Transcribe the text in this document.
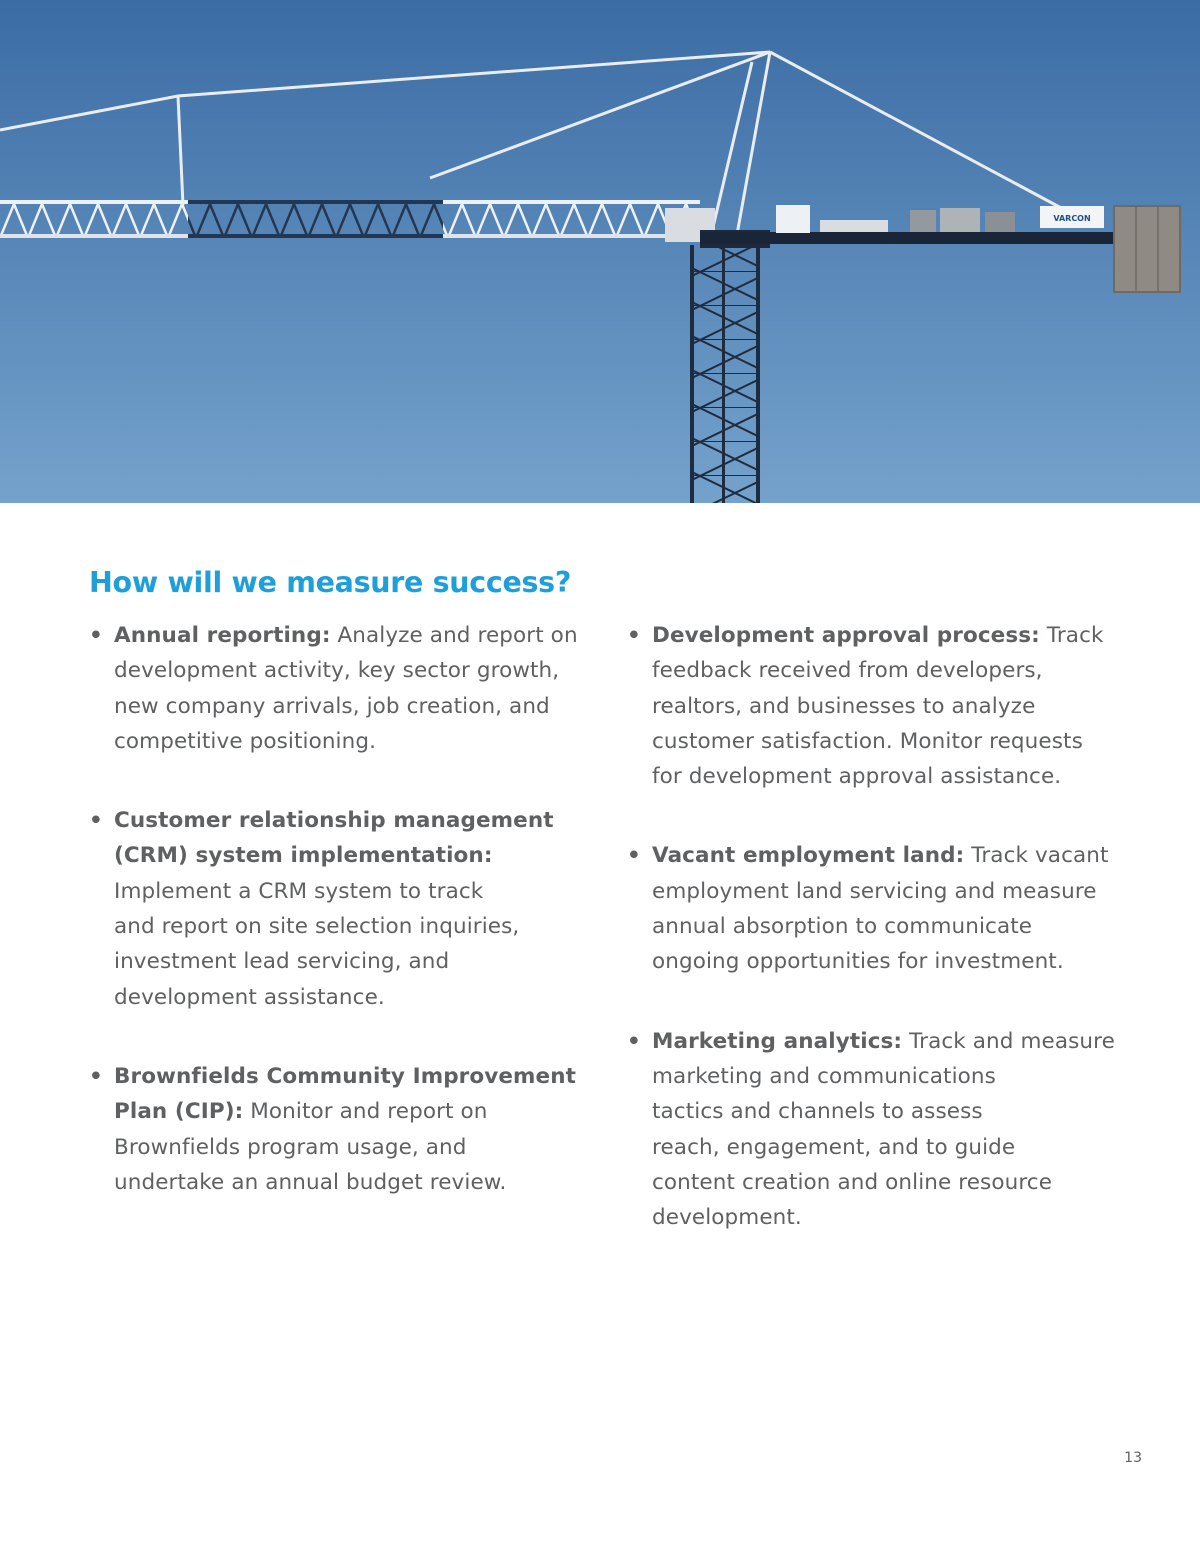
VARCON
How will we measure success?
• Annual reporting: Analyze and report on
development activity, key sector growth,
new company arrivals, job creation, and
competitive positioning.
• Customer relationship management
(CRM) system implementation:
Implement a CRM system to track
and report on site selection inquiries,
investment lead servicing, and
development assistance.
• Brownfields Community Improvement
Plan (CIP): Monitor and report on
Brownfields program usage, and
undertake an annual budget review.
• Development approval process: Track
feedback received from developers,
realtors, and businesses to analyze
customer satisfaction. Monitor requests
for development approval assistance.
• Vacant employment land: Track vacant
employment land servicing and measure
annual absorption to communicate
ongoing opportunities for investment.
• Marketing analytics: Track and measure
marketing and communications
tactics and channels to assess
reach, engagement, and to guide
content creation and online resource
development.
13
